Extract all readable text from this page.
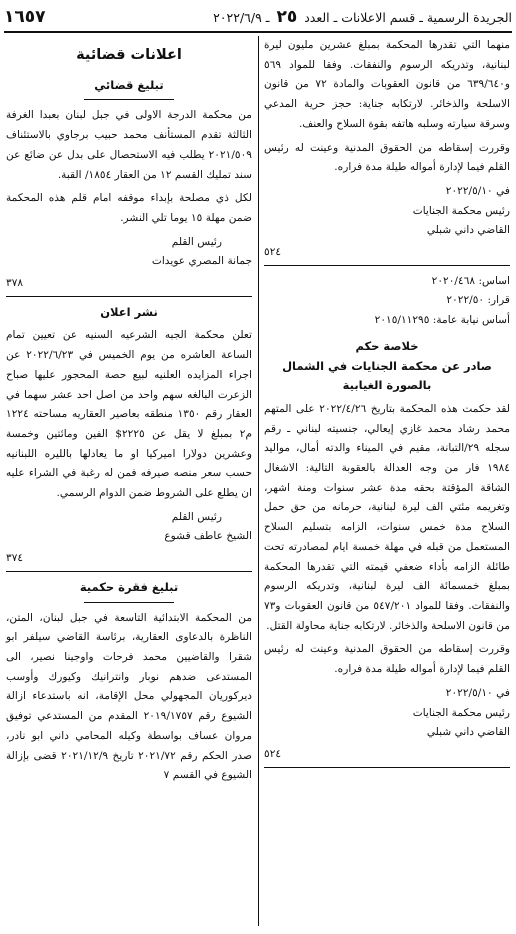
الجريدة الرسمية ـ قسم الاعلانات ـ العدد ٢٥ ـ ٢٠٢٢/٦/٩
١٦٥٧

منهما التي تقدرها المحكمة بمبلغ عشرين مليون ليرة لبنانية، وتدريكه الرسوم والنفقات. وفقا للمواد ٥٦٩ و٦٣٩/٦٤٠ من قانون العقوبات والمادة ٧٢ من قانون الاسلحة والذخائر. لارتكابه جناية: حجز حرية المدعي وسرقة سيارته وسلبه هاتفه بقوة السلاح والعنف.

وقررت إسقاطه من الحقوق المدنية وعينت له رئيس القلم فيما لإدارة أمواله طيلة مدة فراره.

في ٢٠٢٢/٥/١٠

رئيس محكمة الجنايات

القاضي داني شبلي

٥٢٤

اساس: ٢٠٢٠/٤٦٨

قرار: ٢٠٢٢/٥٠

أساس نيابة عامة: ٢٠١٥/١١٢٩٥

خلاصة حكم

صادر عن محكمة الجنايات في الشمال

بالصورة الغيابية

لقد حكمت هذه المحكمة بتاريخ ٢٠٢٢/٤/٢٦ على المتهم محمد رشاد محمد غازي إيعالي، جنسيته لبناني ـ رقم سجله ٢٩/التبانة، مقيم في الميناء والدته أمال، مواليد ١٩٨٤ فار من وجه العدالة بالعقوبة التالية: الاشغال الشاقة المؤقتة بحقه مدة عشر سنوات ومنة اشهر، وتغريمه مئتي الف ليرة لبنانية، حرمانه من حق حمل السلاح مدة خمس سنوات، الزامه بتسليم السلاح المستعمل من قبله في مهلة خمسة ايام لمصادرته تحت طائلة الزامه بأداء ضعفي قيمته التي تقدرها المحكمة بمبلغ خمسمائة الف ليرة لبنانية، وتدريكه الرسوم والنفقات. وفقا للمواد ٥٤٧/٢٠١ من قانون العقوبات و٧٣ من قانون الاسلحة والذخائر. لارتكابه جناية محاولة القتل.

وقررت إسقاطه من الحقوق المدنية وعينت له رئيس القلم فيما لإدارة أمواله طيلة مدة فراره.

في ٢٠٢٢/٥/١٠

رئيس محكمة الجنايات

القاضي داني شبلي

٥٢٤

اعلانات قضائية
تبليغ قضائي

من محكمة الدرجة الاولى في جبل لبنان بعبدا الغرفة الثالثة تقدم المستأنف محمد حبيب برجاوي بالاستئناف ٢٠٢١/٥٠٩ يطلب فيه الاستحصال على بدل عن ضائع عن سند تمليك القسم ١٢ من العقار ١٨٥٤/ القبة.

لكل ذي مصلحة بإبداء موقفه امام قلم هذه المحكمة ضمن مهلة ١٥ يوما تلي النشر.

رئيس القلم

جمانة المصري عويدات

٣٧٨

نشر اعلان

تعلن محكمة الجبه الشرعيه السنيه عن تعيين تمام الساعة العاشره من يوم الخميس في ٢٠٢٢/٦/٢٣ عن اجراء المزايده العلنيه لبيع حصة المحجور عليها صباح الزعرت البالغه سهم واحد من اصل احد عشر سهما في العقار رقم ١٣٥٠ منطقه بعاصير العقاريه مساحته ١٢٢٤ م٢ بمبلغ لا يقل عن ٢٢٢٥$ الفين ومائتين وخمسة وعشرين دولارا اميركيا او ما يعادلها بالليره اللبنانيه حسب سعر منصه صيرفه فمن له رغبة في الشراء عليه ان يطلع على الشروط ضمن الدوام الرسمي.

رئيس القلم

الشيخ عاطف قشوع

٣٧٤

تبليغ فقرة حكمية

من المحكمة الابتدائية التاسعة في جبل لبنان، المتن، الناظرة بالدعاوى العقارية، برئاسة القاضي سيلفر ابو شقرا والقاضيين محمد فرحات واوجينا نصير، الى المستدعى ضدهم نوبار وانترانيك وكيورك وأوسب ديركوريان المجهولي محل الإقامة، انه باستدعاء ازالة الشيوع رقم ٢٠١٩/١٧٥٧ المقدم من المستدعي توفيق مروان عساف بواسطة وكيله المحامي داني ابو نادر، صدر الحكم رقم ٢٠٢١/٧٢ تاريخ ٢٠٢١/١٢/٩ قضى بإزالة الشيوع في القسم ٧
